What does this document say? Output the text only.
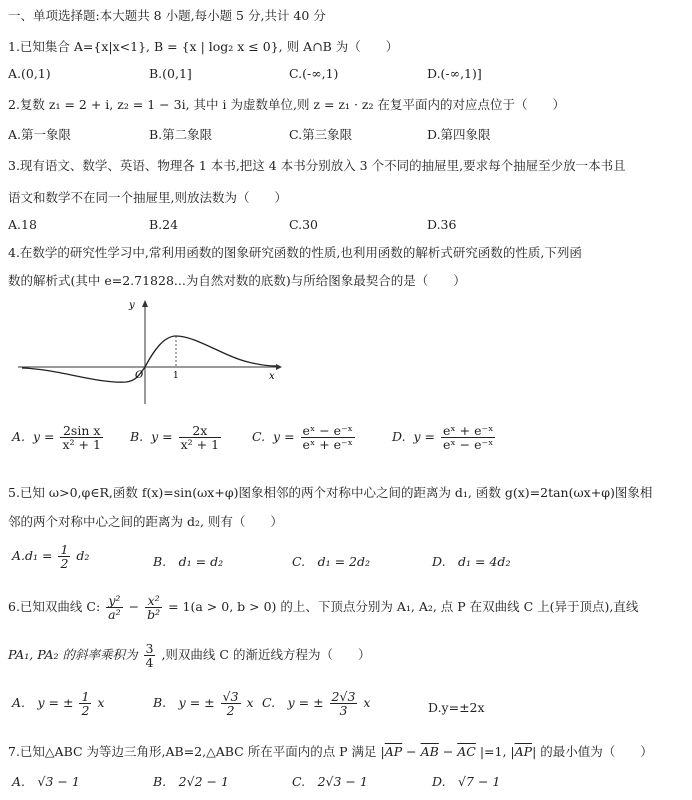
一、单项选择题:本大题共 8 小题,每小题 5 分,共计 40 分
1.已知集合 A={x|x<1}, B = {x | log₂ x ≤ 0}, 则 A∩B 为（　　）
A.(0,1)	B.(0,1]	C.(-∞,1)	D.(-∞,1)]
2.复数 z₁ = 2 + i, z₂ = 1 − 3i, 其中 i 为虚数单位,则 z = z₁ · z₂ 在复平面内的对应点位于（　　）
A.第一象限	B.第二象限	C.第三象限	D.第四象限
3.现有语文、数学、英语、物理各 1 本书,把这 4 本书分别放入 3 个不同的抽屉里,要求每个抽屉至少放一本书且
语文和数学不在同一个抽屉里,则放法数为（　　）
A.18	B.24	C.30	D.36
4.在数学的研究性学习中,常利用函数的图象研究函数的性质,也利用函数的解析式研究函数的性质,下列函
数的解析式(其中 e=2.71828...为自然对数的底数)与所给图象最契合的是（　　）
y
x
O	1
A. $y = \frac{\text{2sin x}}{\text{x² + 1}} B$. $y = \frac{2x}{\text{x² + 1}} C$. $y = \frac{\text{eˣ − e⁻ˣ}}{\text{eˣ + e⁻ˣ}}$	D. $y = \frac{\text{eˣ + e⁻ˣ}}{\text{eˣ − e⁻ˣ}}$
5.已知 ω>0,φ∈R,函数 f(x)=sin(ωx+φ)图象相邻的两个对称中心之间的距离为 d₁, 函数 g(x)=2tan(ωx+φ)图象相
邻的两个对称中心之间的距离为 d₂, 则有（　　）
$A.d_1 = \frac{1}{2} d_2$	B.　d₁ = d₂	C.　d₁ = 2d₂	D.　d₁ = 4d₂
6.已知双曲线 C: $\frac{\text{y²}}{\text{a²}} - \frac{\text{x²}}{\text{b²}} = 1(a > 0$, b > 0) 的上、下顶点分别为 A₁, A₂, 点 P 在双曲线 C 上(异于顶点),直线
PA₁, PA₂ 的斜率乘积为 $\frac{3}{4}$ ,则双曲线 C 的渐近线方程为（　　）
A.　y = ± $\frac{1}{2}$ x	B.　y = ± $\frac{√3}{2}$ x C.　y = ± $\frac{2√3}{3}$ x	D.y=±2x
7.已知△ABC 为等边三角形,AB=2,△ABC 所在平面内的点 P 满足 $|\overline{AP} - \overline{AB} - \overline{AC}$ |=1, $|\overline{AP}|$ 的最小值为（　　）
A.　√3 − 1	B.　2√2 − 1	C.　2√3 − 1	D.　√7 − 1
